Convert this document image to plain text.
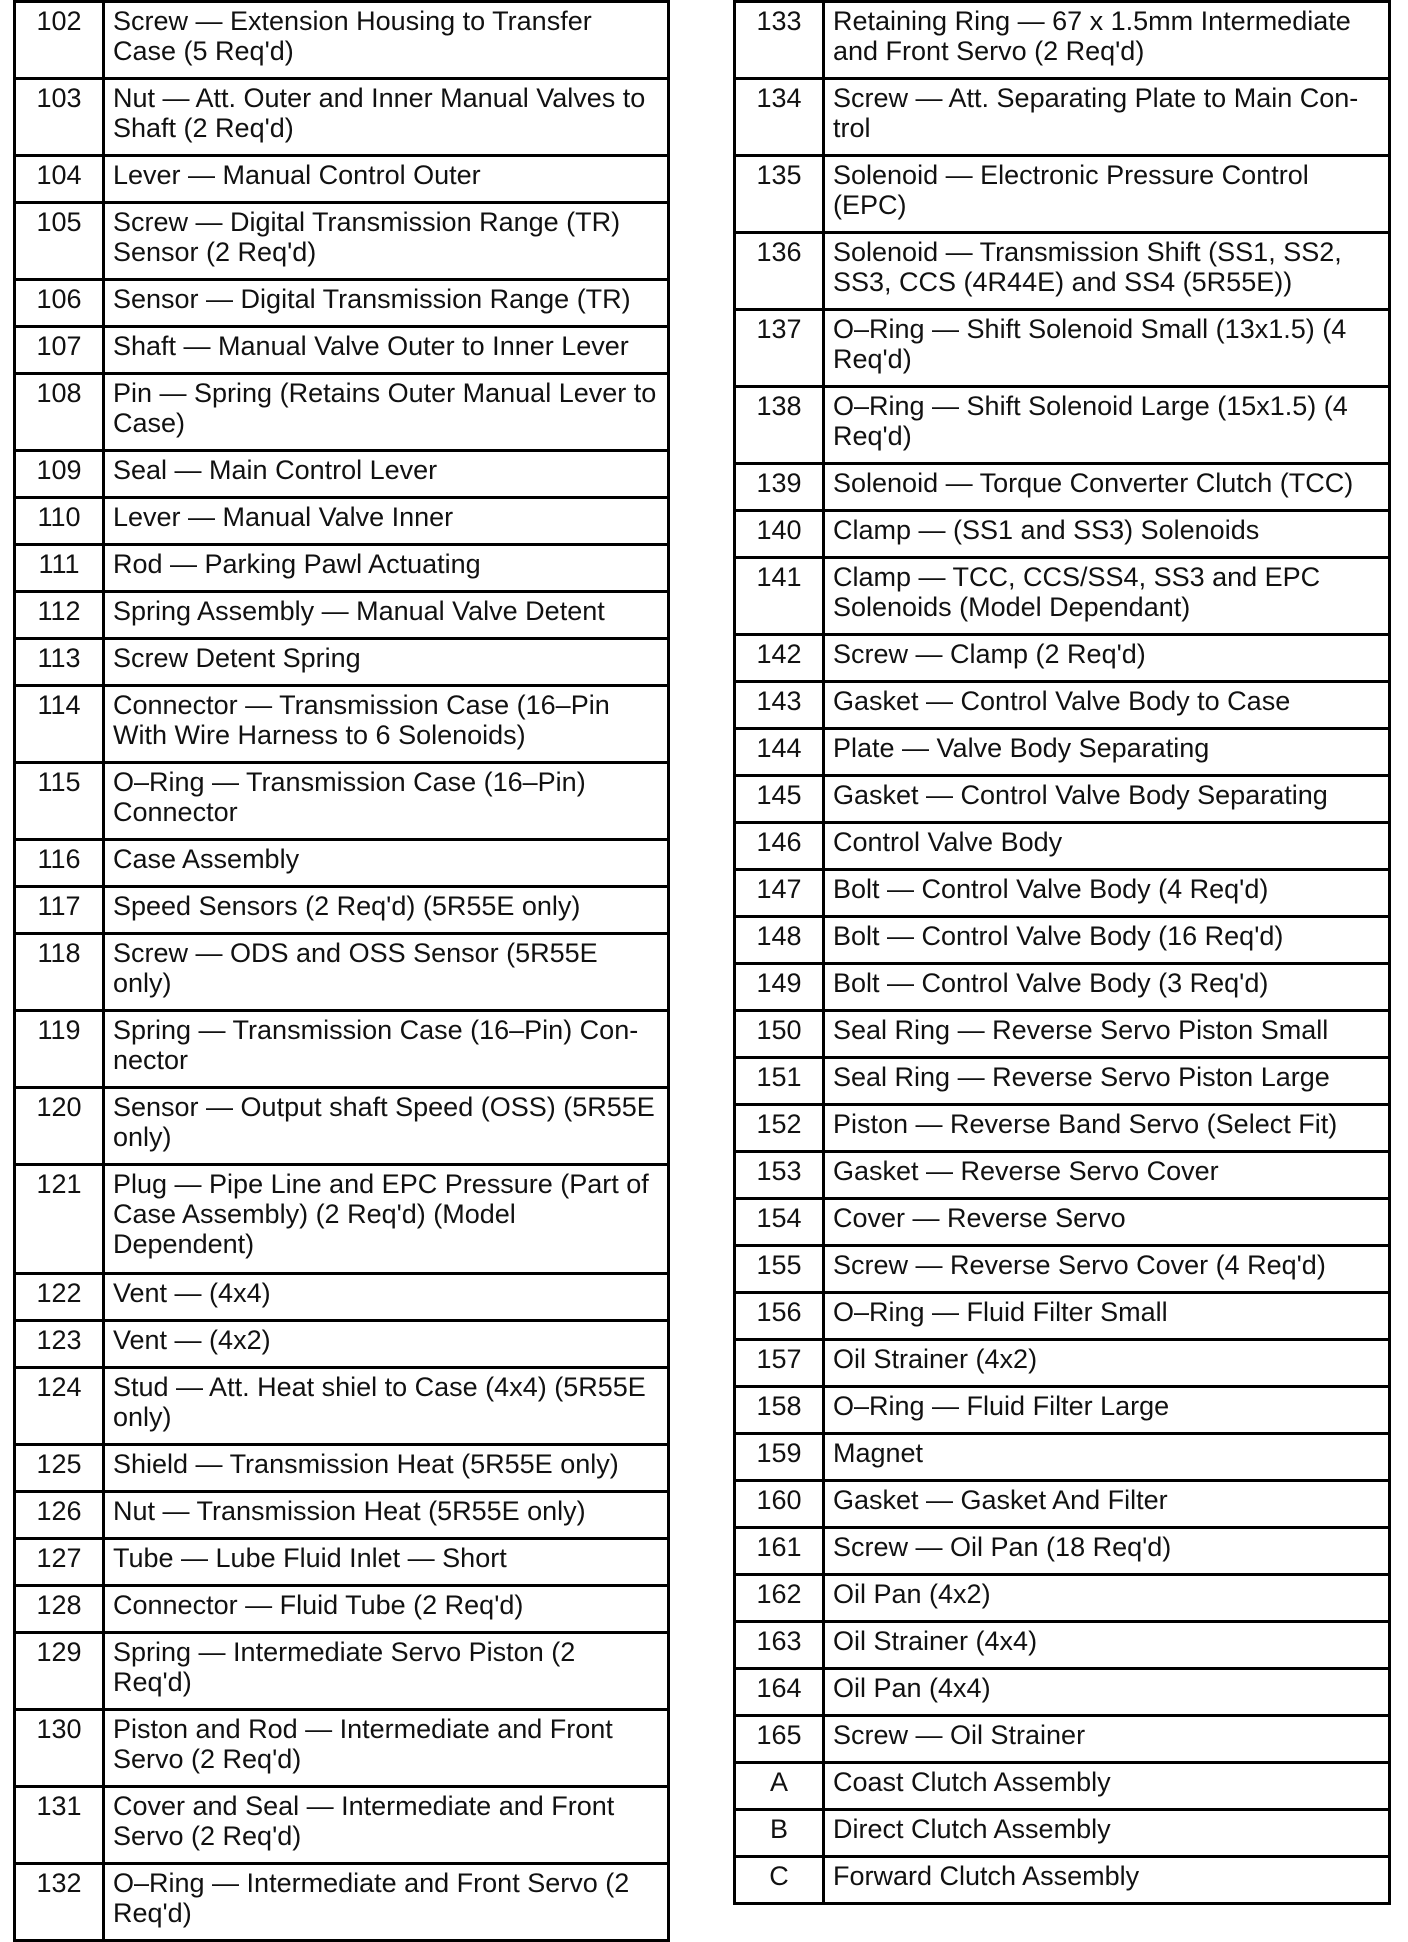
102	Screw — Extension Housing to Transfer Case (5 Req'd)
103	Nut — Att. Outer and Inner Manual Valves to Shaft (2 Req'd)
104	Lever — Manual Control Outer
105	Screw — Digital Transmission Range (TR) Sensor (2 Req'd)
106	Sensor — Digital Transmission Range (TR)
107	Shaft — Manual Valve Outer to Inner Lever
108	Pin — Spring (Retains Outer Manual Lever to Case)
109	Seal — Main Control Lever
110	Lever — Manual Valve Inner
111	Rod — Parking Pawl Actuating
112	Spring Assembly — Manual Valve Detent
113	Screw Detent Spring
114	Connector — Transmission Case (16–Pin With Wire Harness to 6 Solenoids)
115	O–Ring — Transmission Case (16–Pin) Connector
116	Case Assembly
117	Speed Sensors (2 Req'd) (5R55E only)
118	Screw — ODS and OSS Sensor (5R55E only)
119	Spring — Transmission Case (16–Pin) Con-nector
120	Sensor — Output shaft Speed (OSS) (5R55E only)
121	Plug — Pipe Line and EPC Pressure (Part of Case Assembly) (2 Req'd) (Model Dependent)
122	Vent — (4x4)
123	Vent — (4x2)
124	Stud — Att. Heat shiel to Case (4x4) (5R55E only)
125	Shield — Transmission Heat (5R55E only)
126	Nut — Transmission Heat (5R55E only)
127	Tube — Lube Fluid Inlet — Short
128	Connector — Fluid Tube (2 Req'd)
129	Spring — Intermediate Servo Piston (2 Req'd)
130	Piston and Rod — Intermediate and Front Servo (2 Req'd)
131	Cover and Seal — Intermediate and Front Servo (2 Req'd)
132	O–Ring — Intermediate and Front Servo (2 Req'd)
133	Retaining Ring — 67 x 1.5mm Intermediate and Front Servo (2 Req'd)
134	Screw — Att. Separating Plate to Main Con-trol
135	Solenoid — Electronic Pressure Control (EPC)
136	Solenoid — Transmission Shift (SS1, SS2, SS3, CCS (4R44E) and SS4 (5R55E))
137	O–Ring — Shift Solenoid Small (13x1.5) (4 Req'd)
138	O–Ring — Shift Solenoid Large (15x1.5) (4 Req'd)
139	Solenoid — Torque Converter Clutch (TCC)
140	Clamp — (SS1 and SS3) Solenoids
141	Clamp — TCC, CCS/SS4, SS3 and EPC Solenoids (Model Dependant)
142	Screw — Clamp (2 Req'd)
143	Gasket — Control Valve Body to Case
144	Plate — Valve Body Separating
145	Gasket — Control Valve Body Separating
146	Control Valve Body
147	Bolt — Control Valve Body (4 Req'd)
148	Bolt — Control Valve Body (16 Req'd)
149	Bolt — Control Valve Body (3 Req'd)
150	Seal Ring — Reverse Servo Piston Small
151	Seal Ring — Reverse Servo Piston Large
152	Piston — Reverse Band Servo (Select Fit)
153	Gasket — Reverse Servo Cover
154	Cover — Reverse Servo
155	Screw — Reverse Servo Cover (4 Req'd)
156	O–Ring — Fluid Filter Small
157	Oil Strainer (4x2)
158	O–Ring — Fluid Filter Large
159	Magnet
160	Gasket — Gasket And Filter
161	Screw — Oil Pan (18 Req'd)
162	Oil Pan (4x2)
163	Oil Strainer (4x4)
164	Oil Pan (4x4)
165	Screw — Oil Strainer
A	Coast Clutch Assembly
B	Direct Clutch Assembly
C	Forward Clutch Assembly
